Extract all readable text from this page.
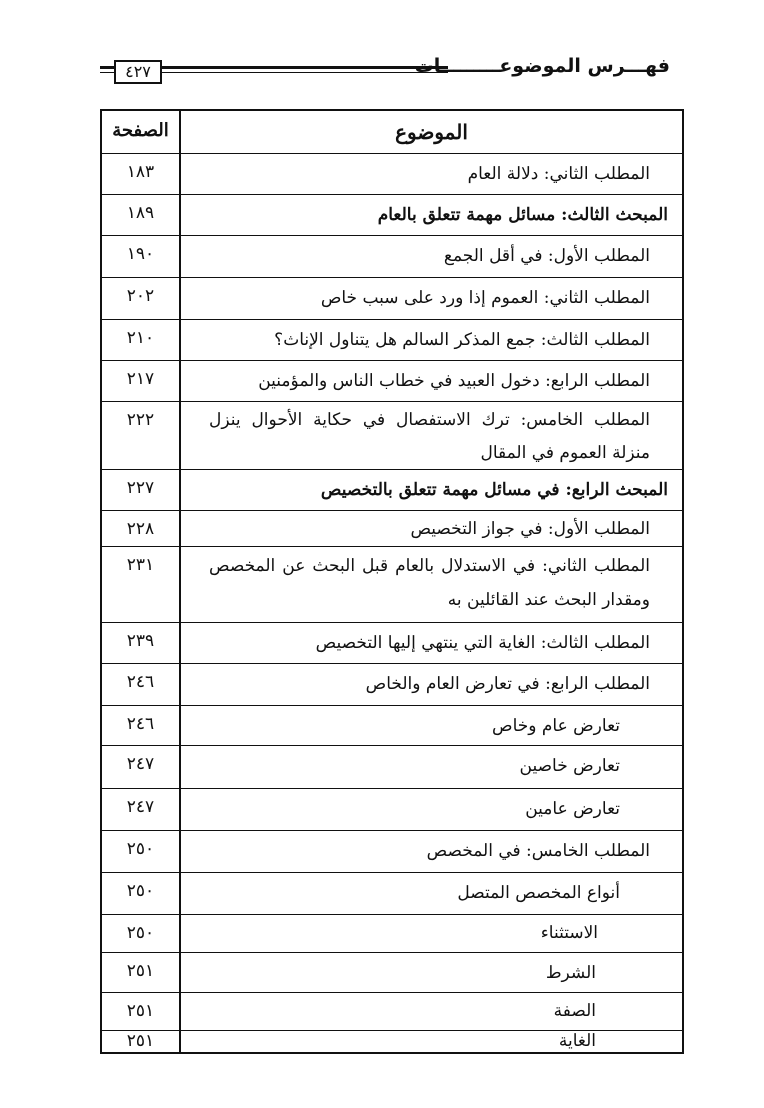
٤٢٧	فهـــرس الموضوعـــــــــات
الصفحة	الموضوع
١٨٣	المطلب الثاني: دلالة العام
١٨٩	المبحث الثالث: مسائل مهمة تتعلق بالعام
١٩٠	المطلب الأول: في أقل الجمع
٢٠٢	المطلب الثاني: العموم إذا ورد على سبب خاص
٢١٠	المطلب الثالث: جمع المذكر السالم هل يتناول الإناث؟
٢١٧	المطلب الرابع: دخول العبيد في خطاب الناس والمؤمنين
٢٢٢	المطلب الخامس: ترك الاستفصال في حكاية الأحوال ينزل منزلة العموم في المقال
٢٢٧	المبحث الرابع: في مسائل مهمة تتعلق بالتخصيص
٢٢٨	المطلب الأول: في جواز التخصيص
٢٣١	المطلب الثاني: في الاستدلال بالعام قبل البحث عن المخصص ومقدار البحث عند القائلين به
٢٣٩	المطلب الثالث: الغاية التي ينتهي إليها التخصيص
٢٤٦	المطلب الرابع: في تعارض العام والخاص
٢٤٦	تعارض عام وخاص
٢٤٧	تعارض خاصين
٢٤٧	تعارض عامين
٢٥٠	المطلب الخامس: في المخصص
٢٥٠	أنواع المخصص المتصل
٢٥٠	الاستثناء
٢٥١	الشرط
٢٥١	الصفة
٢٥١	الغاية
